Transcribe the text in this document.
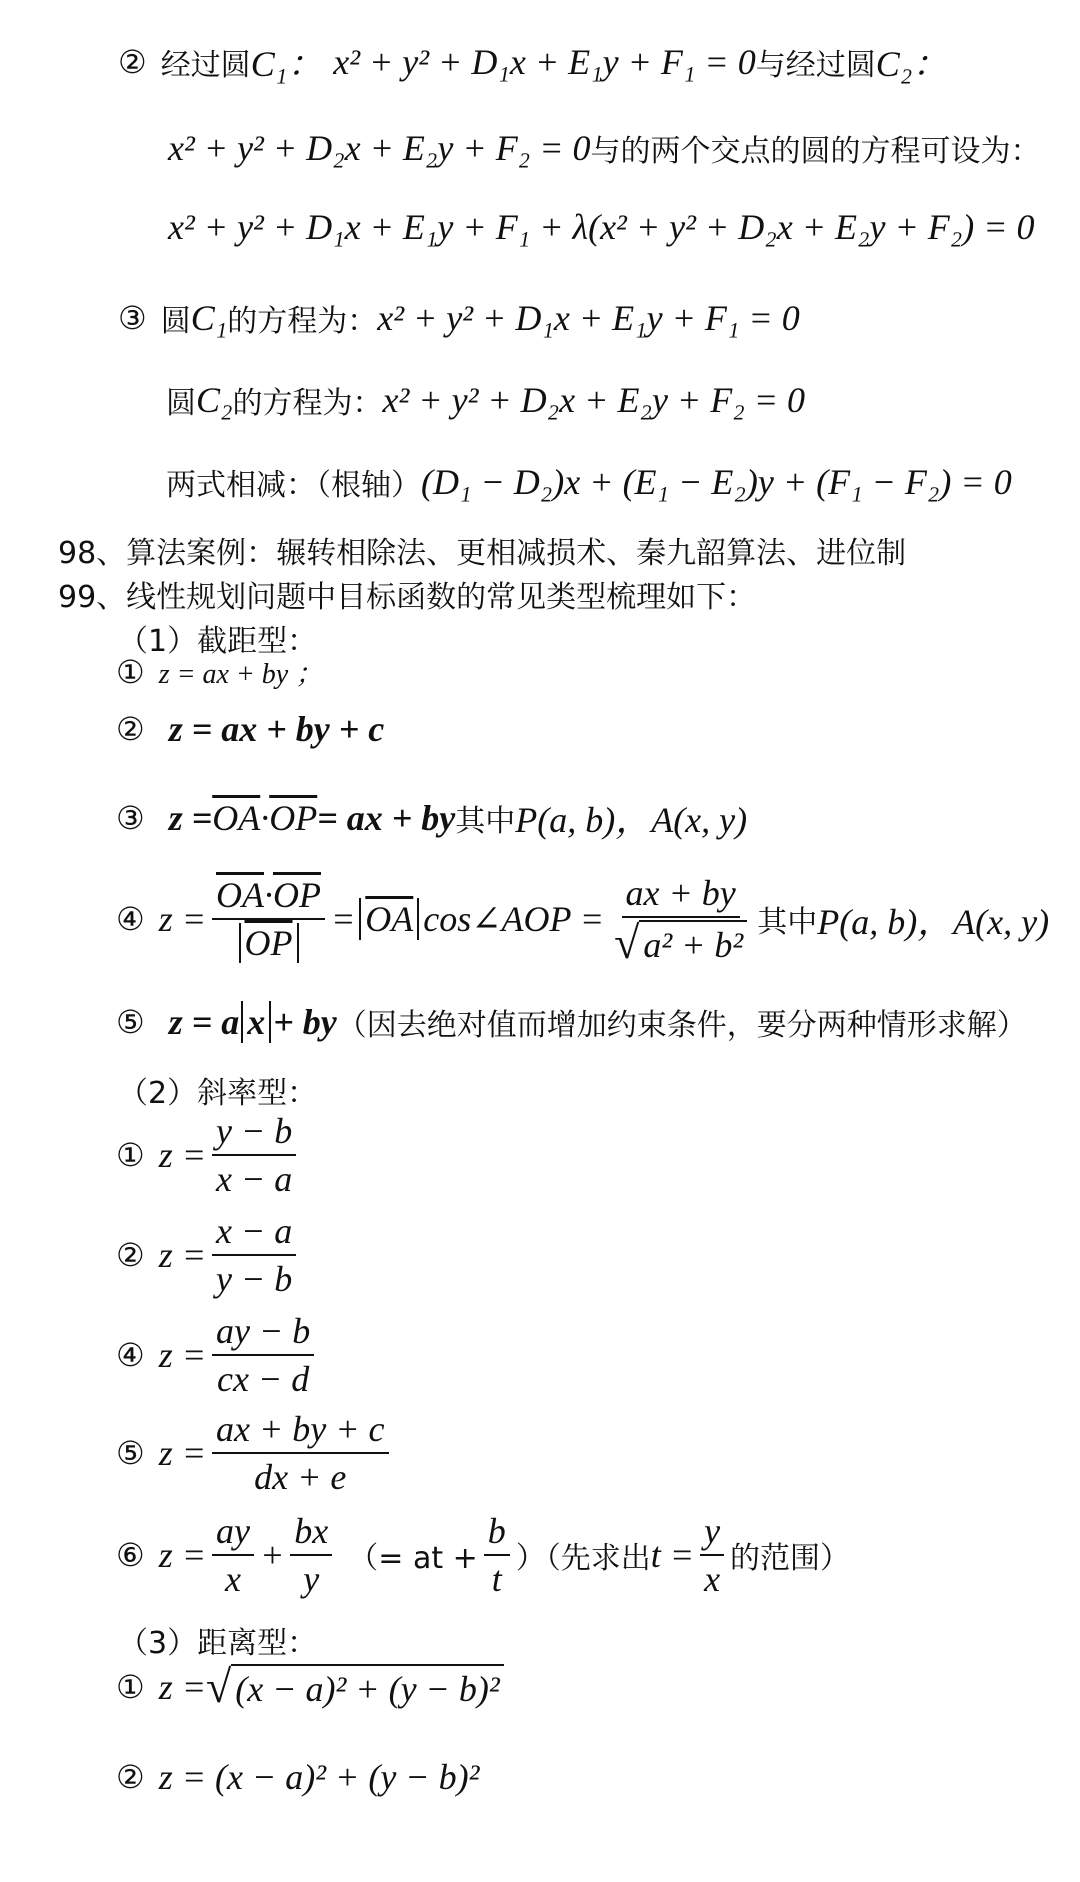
② 经过圆 C₁： x² + y² + D₁x + E₁y + F₁ = 0 与经过圆 C₂：
x² + y² + D₂x + E₂y + F₂ = 0 与的两个交点的圆的方程可设为：
x² + y² + D₁x + E₁y + F₁ + λ(x² + y² + D₂x + E₂y + F₂) = 0
③ 圆 C₁ 的方程为： x² + y² + D₁x + E₁y + F₁ = 0
圆 C₂ 的方程为： x² + y² + D₂x + E₂y + F₂ = 0
两式相减：（根轴） (D₁ − D₂)x + (E₁ − E₂)y + (F₁ − F₂) = 0
98、算法案例：辗转相除法、更相减损术、秦九韶算法、进位制
99、线性规划问题中目标函数的常见类型梳理如下：
（1）截距型：
① z = ax + by ；
② z = ax + by + c
③ $z = \overline{OA} \cdot \overline{OP}$ = ax + by 其中 P(a, b)，A(x, y)
④ $z = \frac{\overline{OA}\cdot\overline{OP}}{OP} = \overline{OA}$ cos∠AOP = $\frac{ax + by}{\text{√ a² + b²}}$ 其中 P(a, b)，A(x, y)
⑤ z = a x + by （因去绝对值而增加约束条件，要分两种情形求解）
（2）斜率型：
① $z = \frac{y - b}{x - a}$
② $z = \frac{x - a}{y - b}$
④ $z = \frac{ay - b}{cx - d}$
⑤ $z = \frac{ax + by + c}{dx + e}$
⑥ $z = \frac{ay}{x} + \frac{bx}{y}$ （= at + $\frac{b}{t}$ ）（先求出 $t = \frac{y}{x}$ 的范围）
（3）距离型：
① z = √ (x − a)² + (y − b)²
② z = (x − a)² + (y − b)²
